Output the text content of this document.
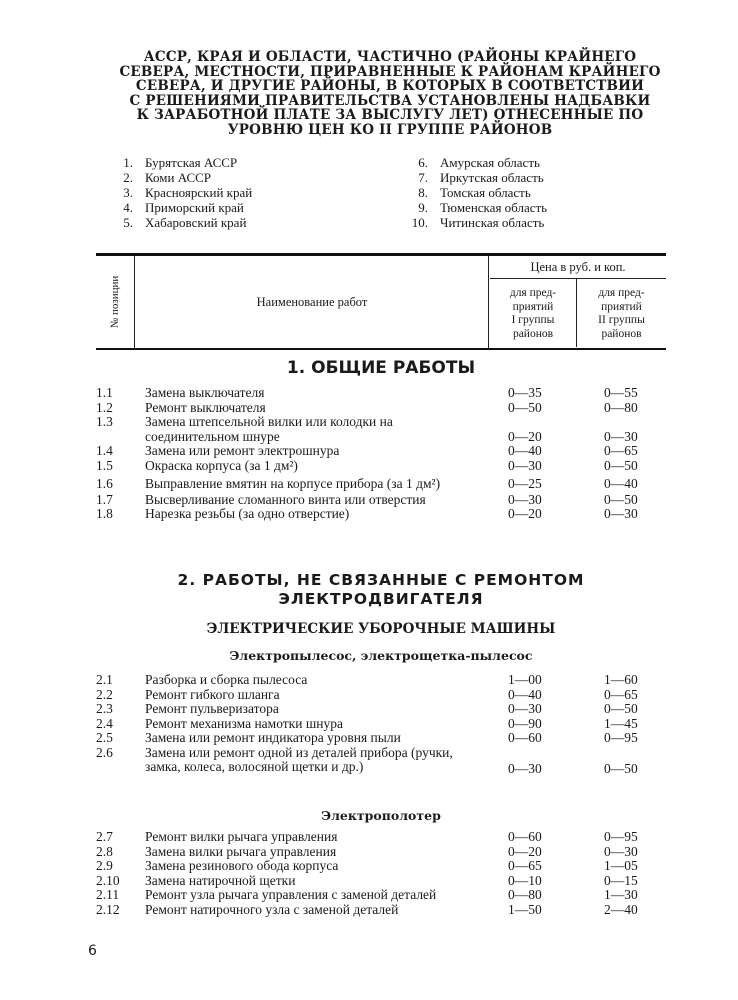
АССР, КРАЯ И ОБЛАСТИ, ЧАСТИЧНО (РАЙОНЫ КРАЙНЕГО
СЕВЕРА, МЕСТНОСТИ, ПРИРАВНЕННЫЕ К РАЙОНАМ КРАЙНЕГО
СЕВЕРА, И ДРУГИЕ РАЙОНЫ, В КОТОРЫХ В СООТВЕТСТВИИ
С РЕШЕНИЯМИ ПРАВИТЕЛЬСТВА УСТАНОВЛЕНЫ НАДБАВКИ
К ЗАРАБОТНОЙ ПЛАТЕ ЗА ВЫСЛУГУ ЛЕТ) ОТНЕСЕННЫЕ ПО
УРОВНЮ ЦЕН КО II ГРУППЕ РАЙОНОВ
1. Бурятская АССР
2. Коми АССР
3. Красноярский край
4. Приморский край
5. Хабаровский край
6. Амурская область
7. Иркутская область
8. Томская область
9. Тюменская область
10. Читинская область
№ позиции	Наименование работ
Цена в руб. и коп.
для пред-
приятий
I группы
районов
для пред-
приятий
II группы
районов
1. ОБЩИЕ РАБОТЫ
1.1	Замена выключателя	0—35	0—55
1.2	Ремонт выключателя	0—50	0—80
1.3	Замена штепсельной вилки или колодки на соединительном шнуре	0—20	0—30
1.4	Замена или ремонт электрошнура	0—40	0—65
1.5	Окраска корпуса (за 1 дм²)	0—30	0—50
1.6	Выправление вмятин на корпусе прибора (за 1 дм²)	0—25	0—40
1.7	Высверливание сломанного винта или отверстия	0—30	0—50
1.8	Нарезка резьбы (за одно отверстие)	0—20	0—30
2. РАБОТЫ, НЕ СВЯЗАННЫЕ С РЕМОНТОМ
ЭЛЕКТРОДВИГАТЕЛЯ
ЭЛЕКТРИЧЕСКИЕ УБОРОЧНЫЕ МАШИНЫ
Электропылесос, электрощетка-пылесос
2.1	Разборка и сборка пылесоса	1—00	1—60
2.2	Ремонт гибкого шланга	0—40	0—65
2.3	Ремонт пульверизатора	0—30	0—50
2.4	Ремонт механизма намотки шнура	0—90	1—45
2.5	Замена или ремонт индикатора уровня пыли	0—60	0—95
2.6	Замена или ремонт одной из деталей прибора (ручки, замка, колеса, волосяной щетки и др.)	0—30	0—50
Электрополотер
2.7	Ремонт вилки рычага управления	0—60	0—95
2.8	Замена вилки рычага управления	0—20	0—30
2.9	Замена резинового обода корпуса	0—65	1—05
2.10	Замена натирочной щетки	0—10	0—15
2.11	Ремонт узла рычага управления с заменой деталей	0—80	1—30
2.12	Ремонт натирочного узла с заменой деталей	1—50	2—40
6
